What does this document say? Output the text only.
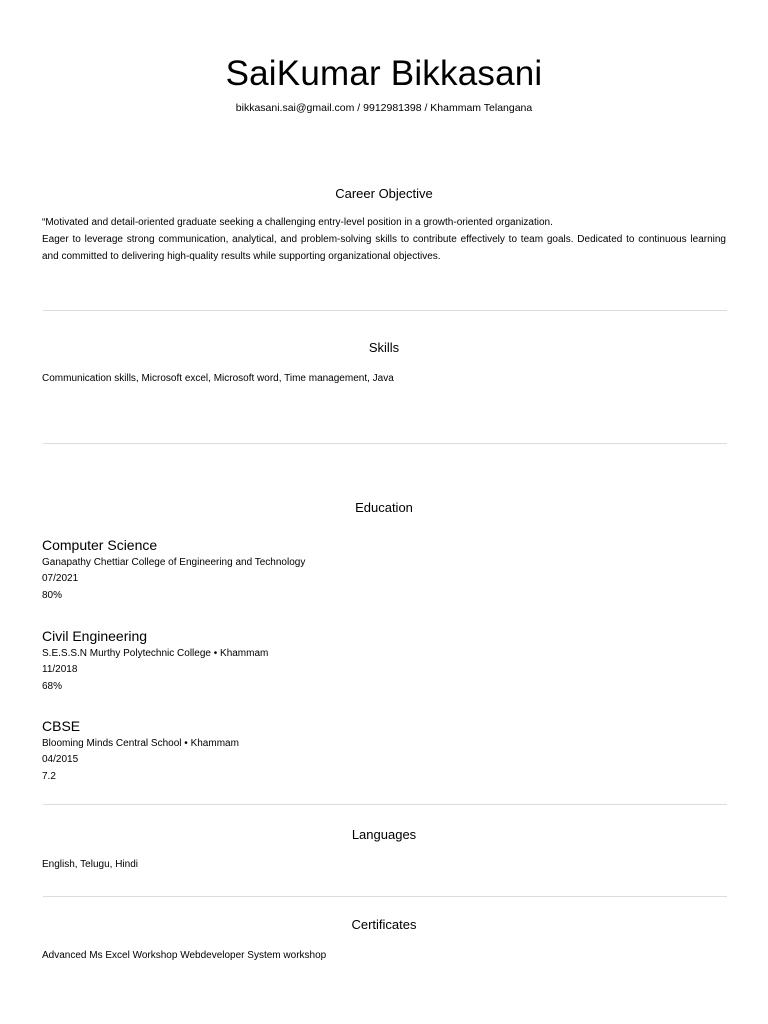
SaiKumar Bikkasani
bikkasani.sai@gmail.com / 9912981398 / Khammam Telangana
Career Objective

“Motivated and detail-oriented graduate seeking a challenging entry-level position in a growth-oriented organization.

Eager to leverage strong communication, analytical, and problem-solving skills to contribute effectively to team goals. Dedicated to continuous learning and committed to delivering high-quality results while supporting organizational objectives.

Skills
Communication skills, Microsoft excel, Microsoft word, Time management, Java
Education
Computer Science
Ganapathy Chettiar College of Engineering and Technology
07/2021
80%
Civil Engineering
S.E.S.S.N Murthy Polytechnic College • Khammam
11/2018
68%
CBSE
Blooming Minds Central School • Khammam
04/2015
7.2
Languages
English, Telugu, Hindi
Certificates
Advanced Ms Excel Workshop Webdeveloper System workshop
